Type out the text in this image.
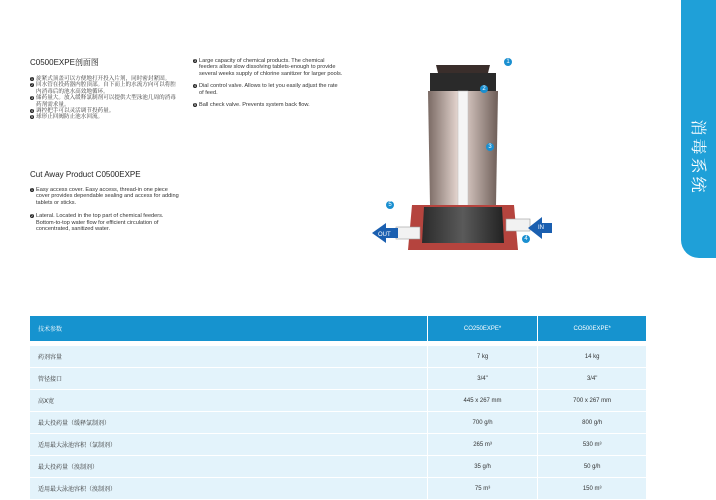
消
毒
系
统
C0500EXPE剖面图
1 旋紧式顶盖可以方便地打开投入片剂，同时密封紧固。
2 回水管在投药器内腔顶部。自下而上的水流方向可以将腔内消毒后的池水高效地循环。
3 储药量大。放入缓释氯制剂可以提供大型泳池几周的消毒药剂需求量。
4 调控把手可以灵活调节投药量。
5 球形止回阀防止池水回流。
Cut Away Product C0500EXPE
1 Easy access cover. Easy access, thread-in one piece cover provides dependable sealing and access for adding tablets or sticks.
2 Lateral. Located in the top part of chemical feeders. Bottom-to-top water flow for efficient circulation of concentrated, sanitized water.
3 Large capacity of chemical products. The chemical feeders allow slow dissolving tablets-enough to provide several weeks supply of chlorine sanitizer for larger pools.
4 Dial control valve. Allows to let you easily adjust the rate of feed.
5 Ball check valve. Prevents system back flow.
OUT
IN
1
2
3
4
5
技术参数	CO250EXPE*	CO500EXPE*
药剂容量	7 kg	14 kg
管径接口	3/4"	3/4"
高X宽	445 x 267 mm	700 x 267 mm
最大投药量（缓释氯制剂）	700 g/h	800 g/h
适用最大泳池容积（氯制剂）	265 m³	530 m³
最大投药量（溴制剂）	35 g/h	50 g/h
适用最大泳池容积（溴制剂）	75 m³	150 m³
